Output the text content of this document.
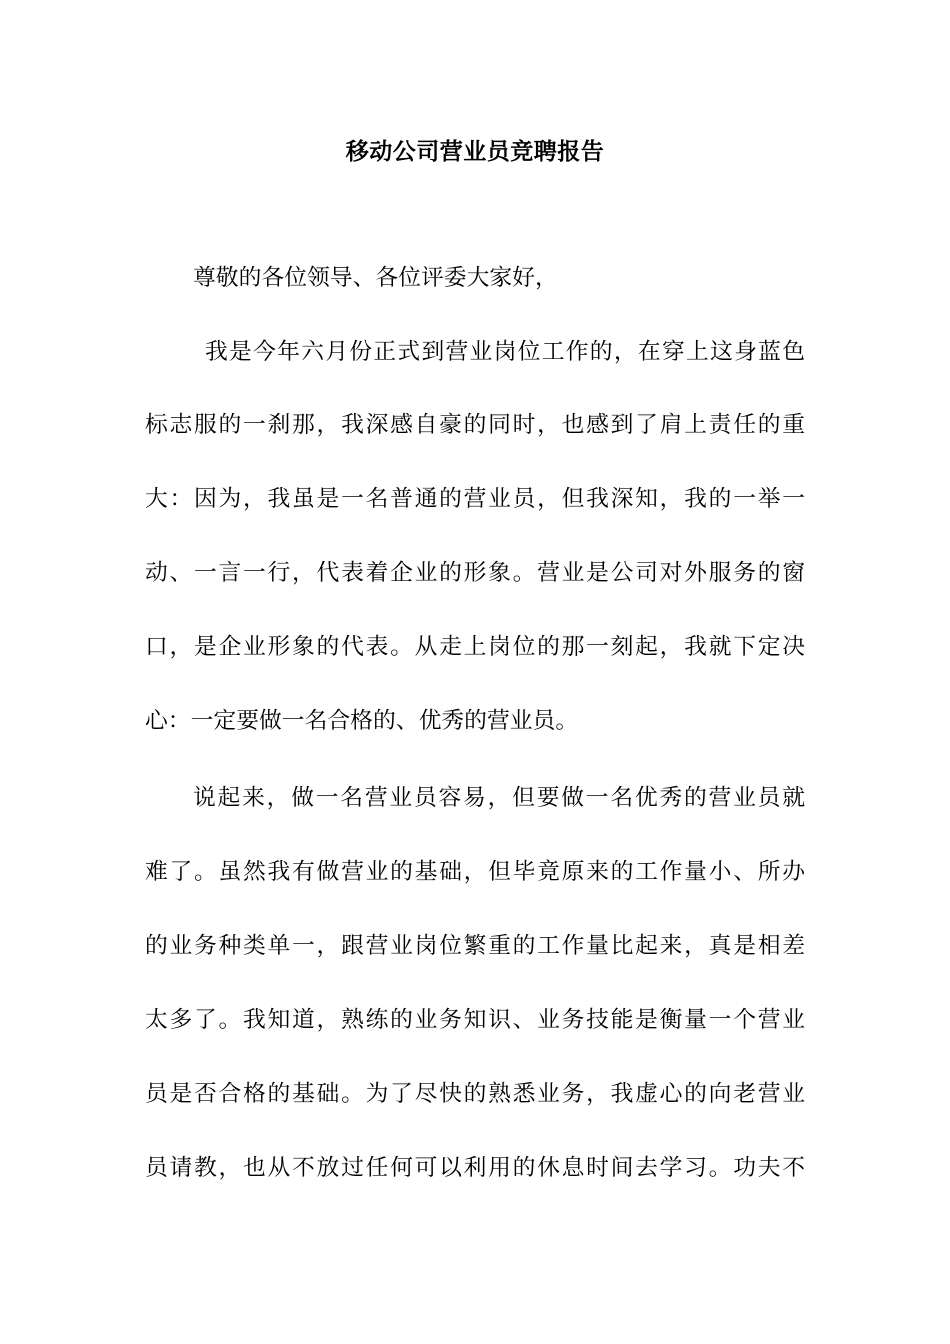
移动公司营业员竞聘报告
尊敬的各位领导、各位评委大家好，
我是今年六月份正式到营业岗位工作的，在穿上这身蓝色
标志服的一刹那，我深感自豪的同时，也感到了肩上责任的重
大：因为，我虽是一名普通的营业员，但我深知，我的一举一
动、一言一行，代表着企业的形象。营业是公司对外服务的窗
口，是企业形象的代表。从走上岗位的那一刻起，我就下定决
心：一定要做一名合格的、优秀的营业员。
说起来，做一名营业员容易，但要做一名优秀的营业员就
难了。虽然我有做营业的基础，但毕竟原来的工作量小、所办
的业务种类单一，跟营业岗位繁重的工作量比起来，真是相差
太多了。我知道，熟练的业务知识、业务技能是衡量一个营业
员是否合格的基础。为了尽快的熟悉业务，我虚心的向老营业
员请教，也从不放过任何可以利用的休息时间去学习。功夫不
